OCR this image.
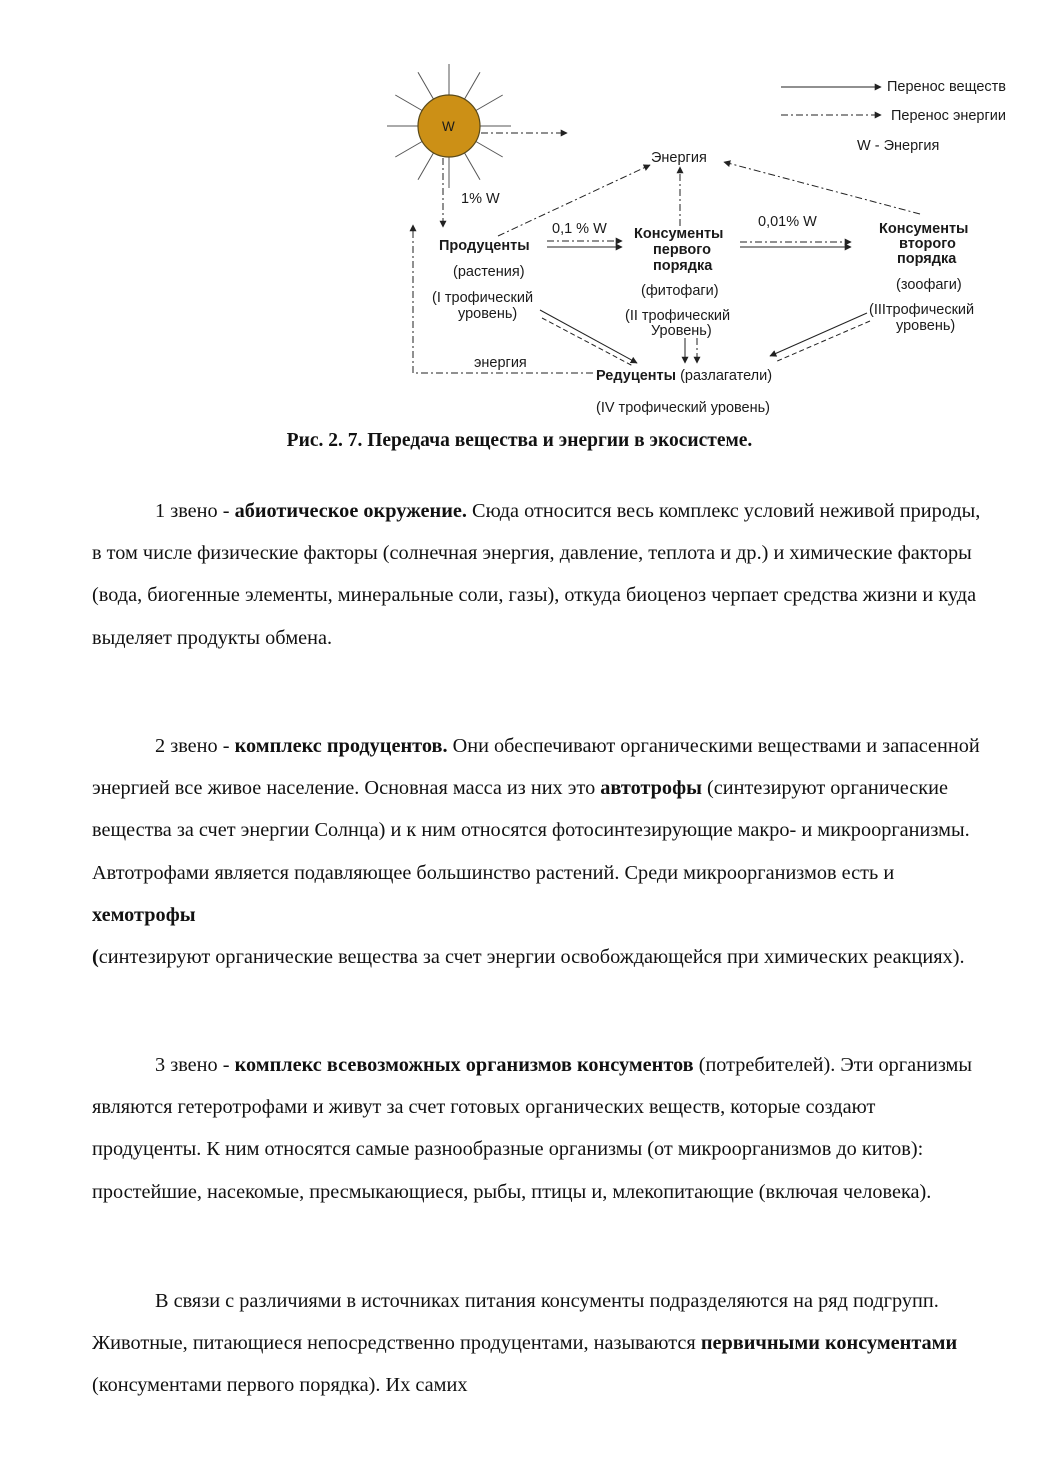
W
Перенос веществ
Перенос энергии
W - Энергия
Энергия
1% W
0,1 % W	0,01% W
Продуценты
(растения)
(I трофический
уровень)
Консументы
первого
порядка
(фитофаги)
(II трофический
Уровень)
Консументы
второго
порядка
(зоофаги)
(IIIтрофический
уровень)
энергия
Редуценты (разлагатели)
(IV трофический уровень)
Рис. 2. 7. Передача вещества и энергии в экосистеме.

1 звено - абиотическое окружение. Сюда относится весь комплекс условий неживой природы, в том числе физические факторы (солнечная энергия, давление, теплота и др.) и химические факторы (вода, биогенные элементы, минеральные соли, газы), откуда биоценоз черпает средства жизни и куда выделяет продукты обмена.

2 звено - комплекс продуцентов. Они обеспечивают органическими веществами и запасенной энергией все живое население. Основная масса из них это автотрофы (синтезируют органические вещества за счет энергии Солнца) и к ним относятся фотосинтезирующие макро- и микроорганизмы. Автотрофами является подавляющее большинство растений. Среди микроорганизмов есть и хемотрофы
(синтезируют органические вещества за счет энергии освобождающейся при химических реакциях).

3 звено - комплекс всевозможных организмов консументов (потребителей). Эти организмы являются гетеротрофами и живут за счет готовых органических веществ, которые создают продуценты. К ним относятся самые разнообразные организмы (от микроорганизмов до китов): простейшие, насекомые, пресмыкающиеся, рыбы, птицы и, млекопитающие (включая человека).

В связи с различиями в источниках питания консументы подразделяются на ряд подгрупп. Животные, питающиеся непосредственно продуцентами, называются первичными консументами (консументами первого порядка). Их самих
